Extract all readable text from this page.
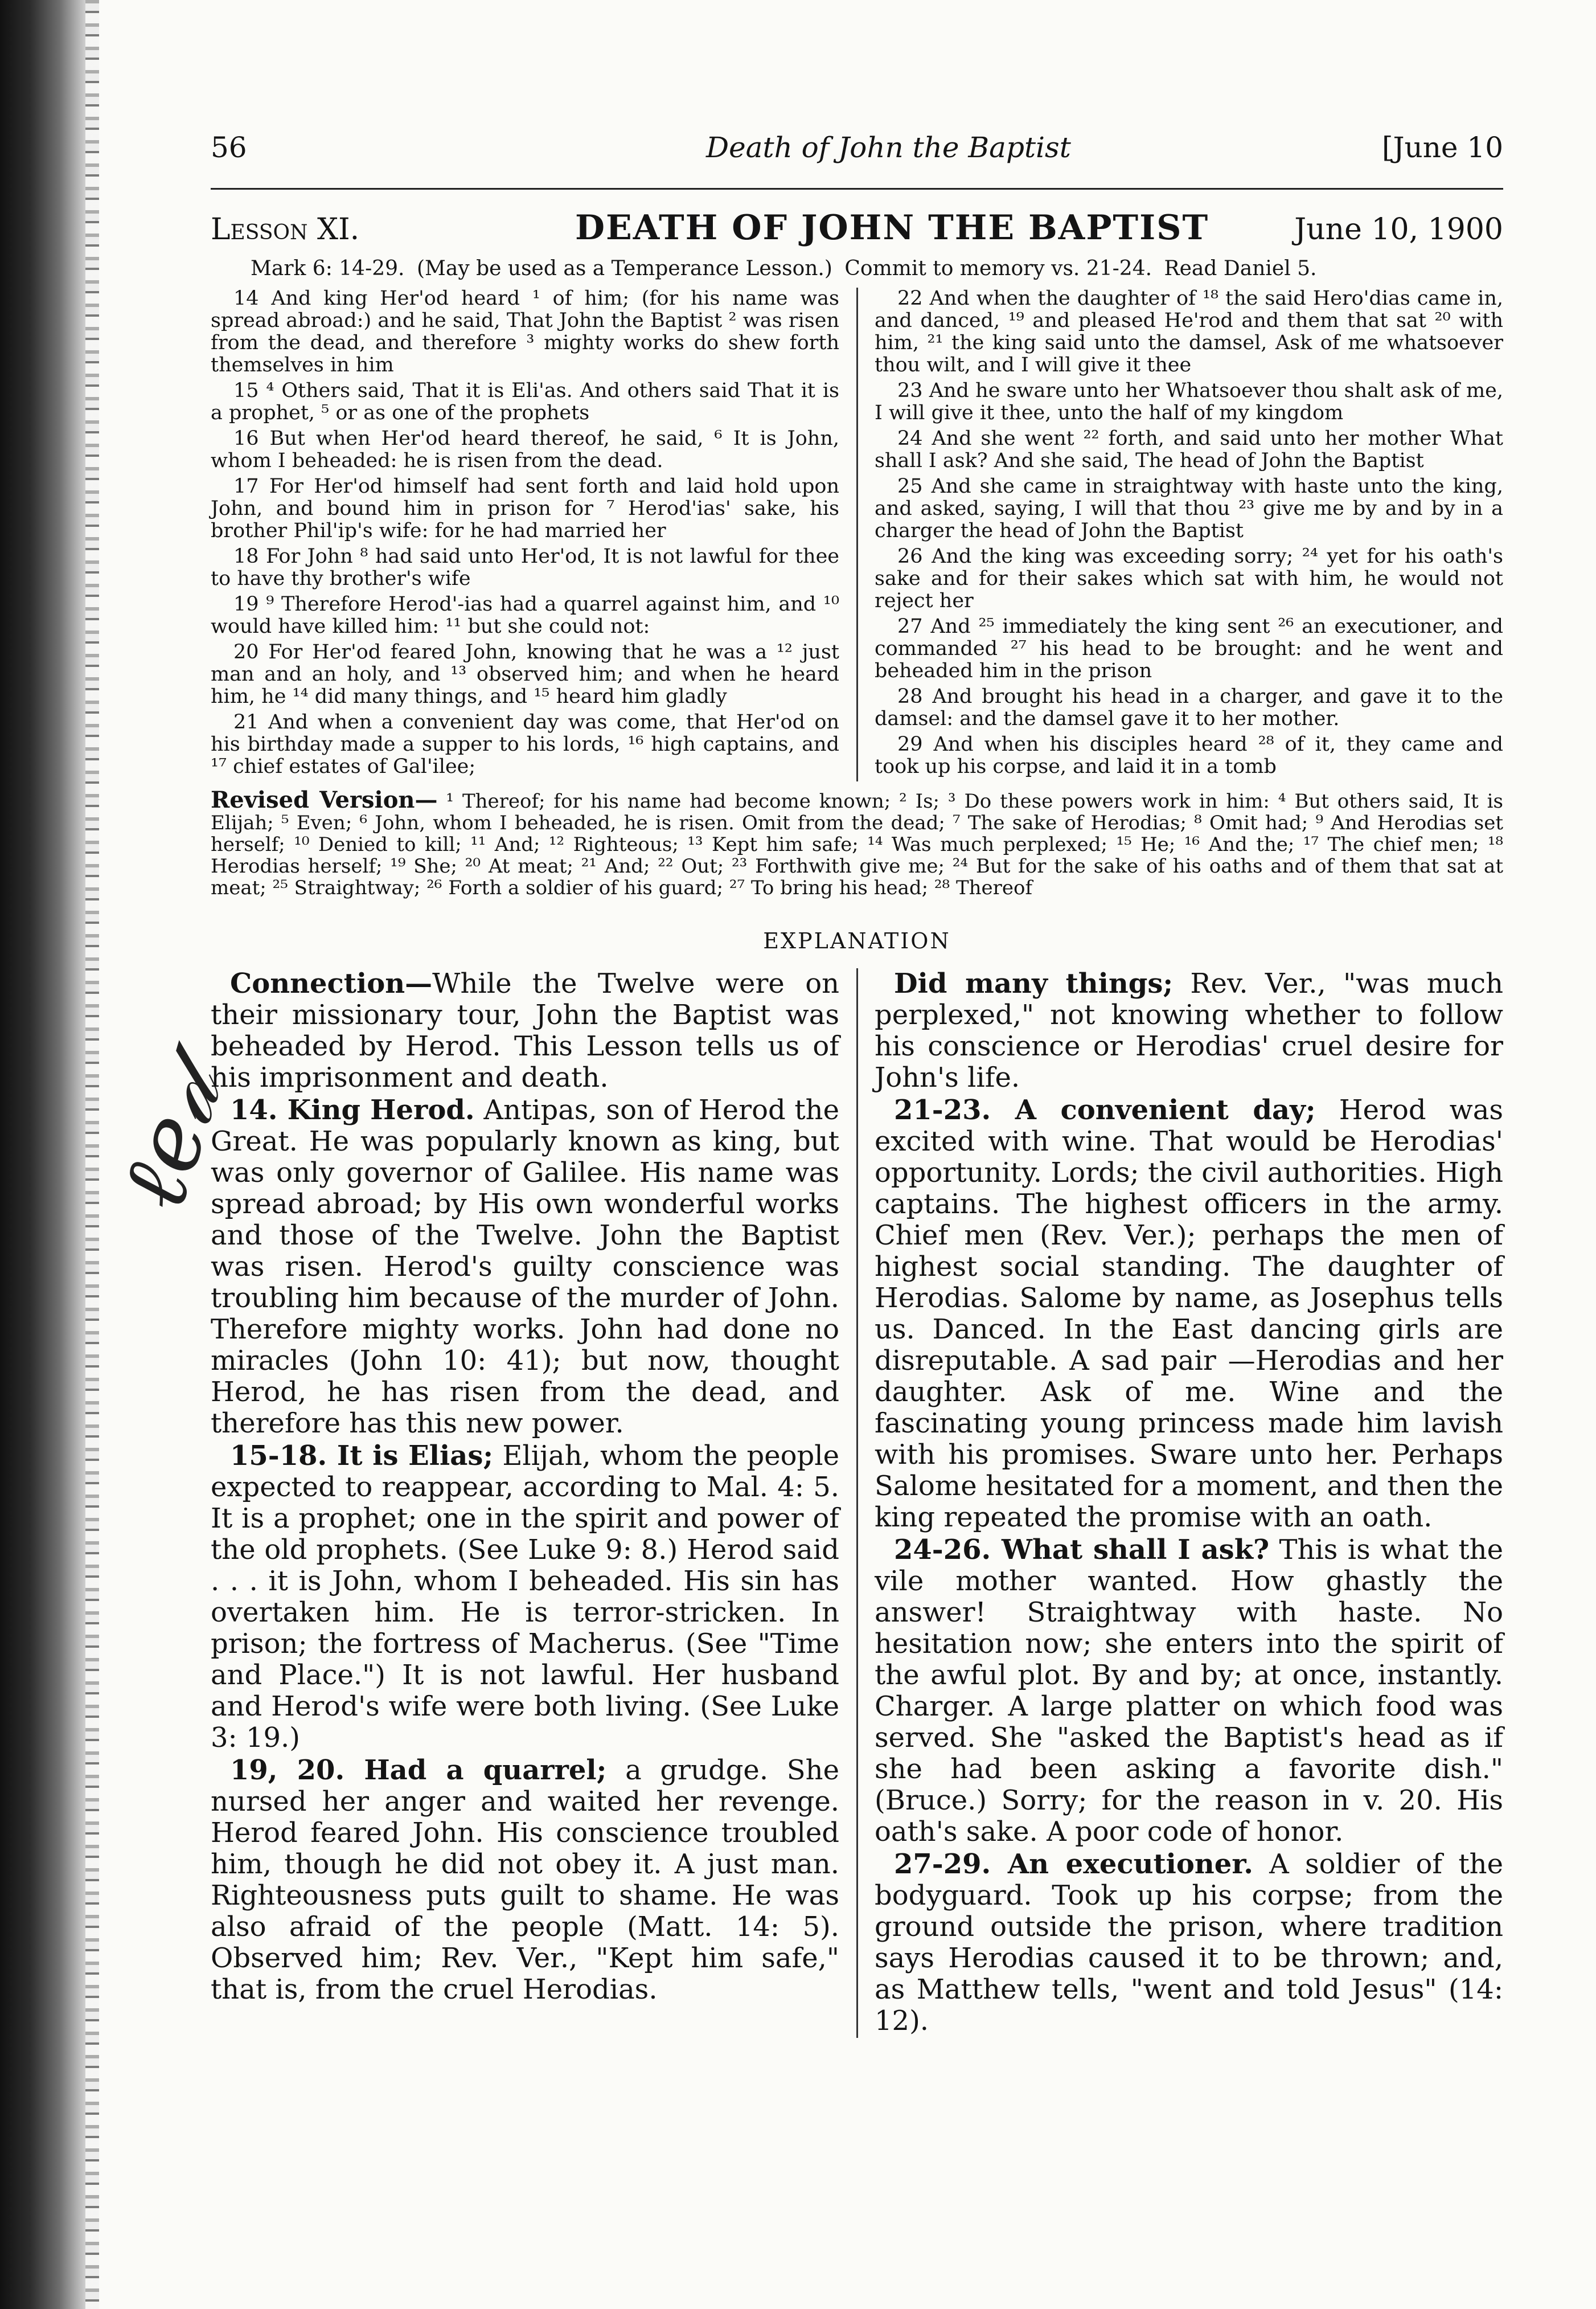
ℓ𝑒𝒹
56	Death of John the Baptist	[June 10
Lesson XI.	DEATH OF JOHN THE BAPTIST	June 10, 1900
Mark 6: 14-29. (May be used as a Temperance Lesson.) Commit to memory vs. 21-24. Read Daniel 5.

14 And king Her'od heard ¹ of him; (for his name was spread abroad:) and he said, That John the Baptist ² was risen from the dead, and therefore ³ mighty works do shew forth themselves in him

15 ⁴ Others said, That it is Eli'as. And others said That it is a prophet, ⁵ or as one of the prophets

16 But when Her'od heard thereof, he said, ⁶ It is John, whom I beheaded: he is risen from the dead.

17 For Her'od himself had sent forth and laid hold upon John, and bound him in prison for ⁷ Herod'ias' sake, his brother Phil'ip's wife: for he had married her

18 For John ⁸ had said unto Her'od, It is not lawful for thee to have thy brother's wife

19 ⁹ Therefore Herod'-ias had a quarrel against him, and ¹⁰ would have killed him: ¹¹ but she could not:

20 For Her'od feared John, knowing that he was a ¹² just man and an holy, and ¹³ observed him; and when he heard him, he ¹⁴ did many things, and ¹⁵ heard him gladly

21 And when a convenient day was come, that Her'od on his birthday made a supper to his lords, ¹⁶ high captains, and ¹⁷ chief estates of Gal'ilee;

22 And when the daughter of ¹⁸ the said Hero'dias came in, and danced, ¹⁹ and pleased He'rod and them that sat ²⁰ with him, ²¹ the king said unto the damsel, Ask of me whatsoever thou wilt, and I will give it thee

23 And he sware unto her Whatsoever thou shalt ask of me, I will give it thee, unto the half of my kingdom

24 And she went ²² forth, and said unto her mother What shall I ask? And she said, The head of John the Baptist

25 And she came in straightway with haste unto the king, and asked, saying, I will that thou ²³ give me by and by in a charger the head of John the Baptist

26 And the king was exceeding sorry; ²⁴ yet for his oath's sake and for their sakes which sat with him, he would not reject her

27 And ²⁵ immediately the king sent ²⁶ an executioner, and commanded ²⁷ his head to be brought: and he went and beheaded him in the prison

28 And brought his head in a charger, and gave it to the damsel: and the damsel gave it to her mother.

29 And when his disciples heard ²⁸ of it, they came and took up his corpse, and laid it in a tomb

Revised Version— ¹ Thereof; for his name had become known; ² Is; ³ Do these powers work in him: ⁴ But others said, It is Elijah; ⁵ Even; ⁶ John, whom I beheaded, he is risen. Omit from the dead; ⁷ The sake of Herodias; ⁸ Omit had; ⁹ And Herodias set herself; ¹⁰ Denied to kill; ¹¹ And; ¹² Righteous; ¹³ Kept him safe; ¹⁴ Was much perplexed; ¹⁵ He; ¹⁶ And the; ¹⁷ The chief men; ¹⁸ Herodias herself; ¹⁹ She; ²⁰ At meat; ²¹ And; ²² Out; ²³ Forthwith give me; ²⁴ But for the sake of his oaths and of them that sat at meat; ²⁵ Straightway; ²⁶ Forth a soldier of his guard; ²⁷ To bring his head; ²⁸ Thereof

EXPLANATION

Connection—While the Twelve were on their missionary tour, John the Baptist was beheaded by Herod. This Lesson tells us of his imprisonment and death.

14. King Herod. Antipas, son of Herod the Great. He was popularly known as king, but was only governor of Galilee. His name was spread abroad; by His own wonderful works and those of the Twelve. John the Baptist was risen. Herod's guilty conscience was troubling him because of the murder of John. Therefore mighty works. John had done no miracles (John 10: 41); but now, thought Herod, he has risen from the dead, and therefore has this new power.

15-18. It is Elias; Elijah, whom the people expected to reappear, according to Mal. 4: 5. It is a prophet; one in the spirit and power of the old prophets. (See Luke 9: 8.) Herod said . . . it is John, whom I beheaded. His sin has overtaken him. He is terror-stricken. In prison; the fortress of Macherus. (See "Time and Place.") It is not lawful. Her husband and Herod's wife were both living. (See Luke 3: 19.)

19, 20. Had a quarrel; a grudge. She nursed her anger and waited her revenge. Herod feared John. His conscience troubled him, though he did not obey it. A just man. Righteousness puts guilt to shame. He was also afraid of the people (Matt. 14: 5). Observed him; Rev. Ver., "Kept him safe," that is, from the cruel Herodias.

Did many things; Rev. Ver., "was much perplexed," not knowing whether to follow his conscience or Herodias' cruel desire for John's life.

21-23. A convenient day; Herod was excited with wine. That would be Herodias' opportunity. Lords; the civil authorities. High captains. The highest officers in the army. Chief men (Rev. Ver.); perhaps the men of highest social standing. The daughter of Herodias. Salome by name, as Josephus tells us. Danced. In the East dancing girls are disreputable. A sad pair —Herodias and her daughter. Ask of me. Wine and the fascinating young princess made him lavish with his promises. Sware unto her. Perhaps Salome hesitated for a moment, and then the king repeated the promise with an oath.

24-26. What shall I ask? This is what the vile mother wanted. How ghastly the answer! Straightway with haste. No hesitation now; she enters into the spirit of the awful plot. By and by; at once, instantly. Charger. A large platter on which food was served. She "asked the Baptist's head as if she had been asking a favorite dish." (Bruce.) Sorry; for the reason in v. 20. His oath's sake. A poor code of honor.

27-29. An executioner. A soldier of the bodyguard. Took up his corpse; from the ground outside the prison, where tradition says Herodias caused it to be thrown; and, as Matthew tells, "went and told Jesus" (14: 12).
